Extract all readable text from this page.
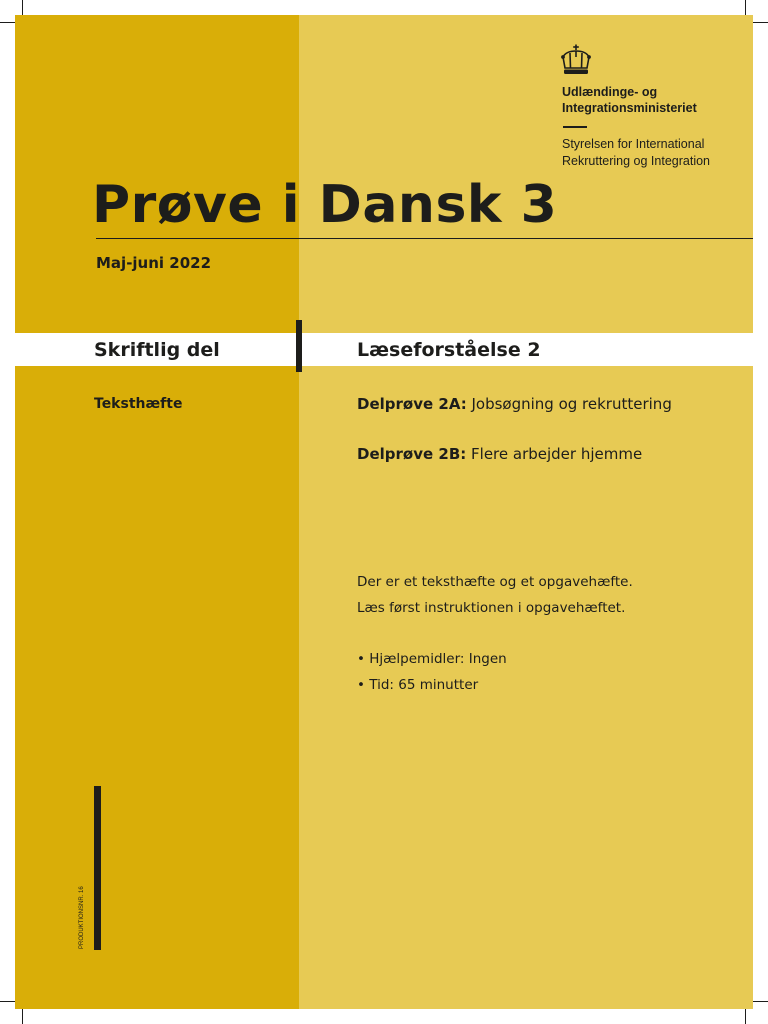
Udlændinge- og
Integrationsministeriet
Styrelsen for International
Rekruttering og Integration
Prøve i Dansk 3
Maj-juni 2022
Skriftlig del	Læseforståelse 2
Teksthæfte	Delprøve 2A: Jobsøgning og rekruttering
Delprøve 2B: Flere arbejder hjemme
Der er et teksthæfte og et opgavehæfte.
Læs først instruktionen i opgavehæftet.
• Hjælpemidler: Ingen
• Tid: 65 minutter
PRODUKTIONSNR. 16
